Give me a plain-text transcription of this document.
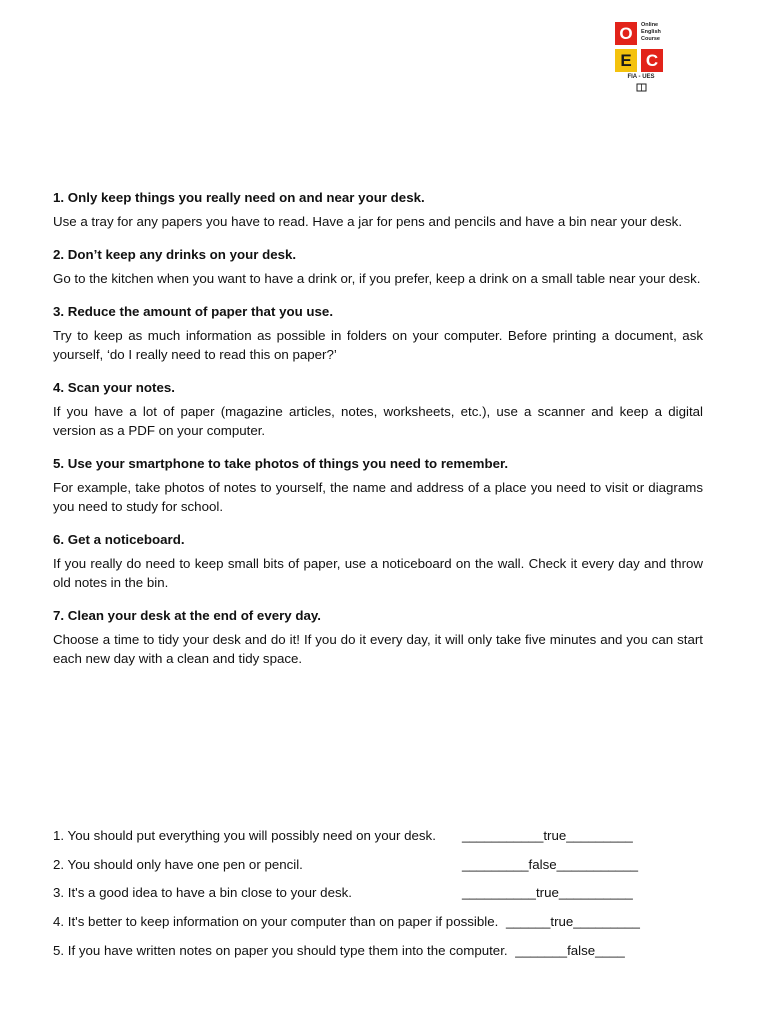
O
E C
Online
English
Course
FIA - UES

1. Only keep things you really need on and near your desk.

Use a tray for any papers you have to read. Have a jar for pens and pencils and have a bin near your desk.

2. Don’t keep any drinks on your desk.

Go to the kitchen when you want to have a drink or, if you prefer, keep a drink on a small table near your desk.

3. Reduce the amount of paper that you use.

Try to keep as much information as possible in folders on your computer. Before printing a document, ask yourself, ‘do I really need to read this on paper?’

4. Scan your notes.

If you have a lot of paper (magazine articles, notes, worksheets, etc.), use a scanner and keep a digital version as a PDF on your computer.

5. Use your smartphone to take photos of things you need to remember.

For example, take photos of notes to yourself, the name and address of a place you need to visit or diagrams you need to study for school.

6. Get a noticeboard.

If you really do need to keep small bits of paper, use a noticeboard on the wall. Check it every day and throw old notes in the bin.

7. Clean your desk at the end of every day.

Choose a time to tidy your desk and do it! If you do it every day, it will only take five minutes and you can start each new day with a clean and tidy space.

1. You should put everything you will possibly need on your desk. ___________true_________
2. You should only have one pen or pencil.	_________false___________
3. It's a good idea to have a bin close to your desk.	__________true__________
4. It's better to keep information on your computer than on paper if possible. ______true_________
5. If you have written notes on paper you should type them into the computer. _______false____
